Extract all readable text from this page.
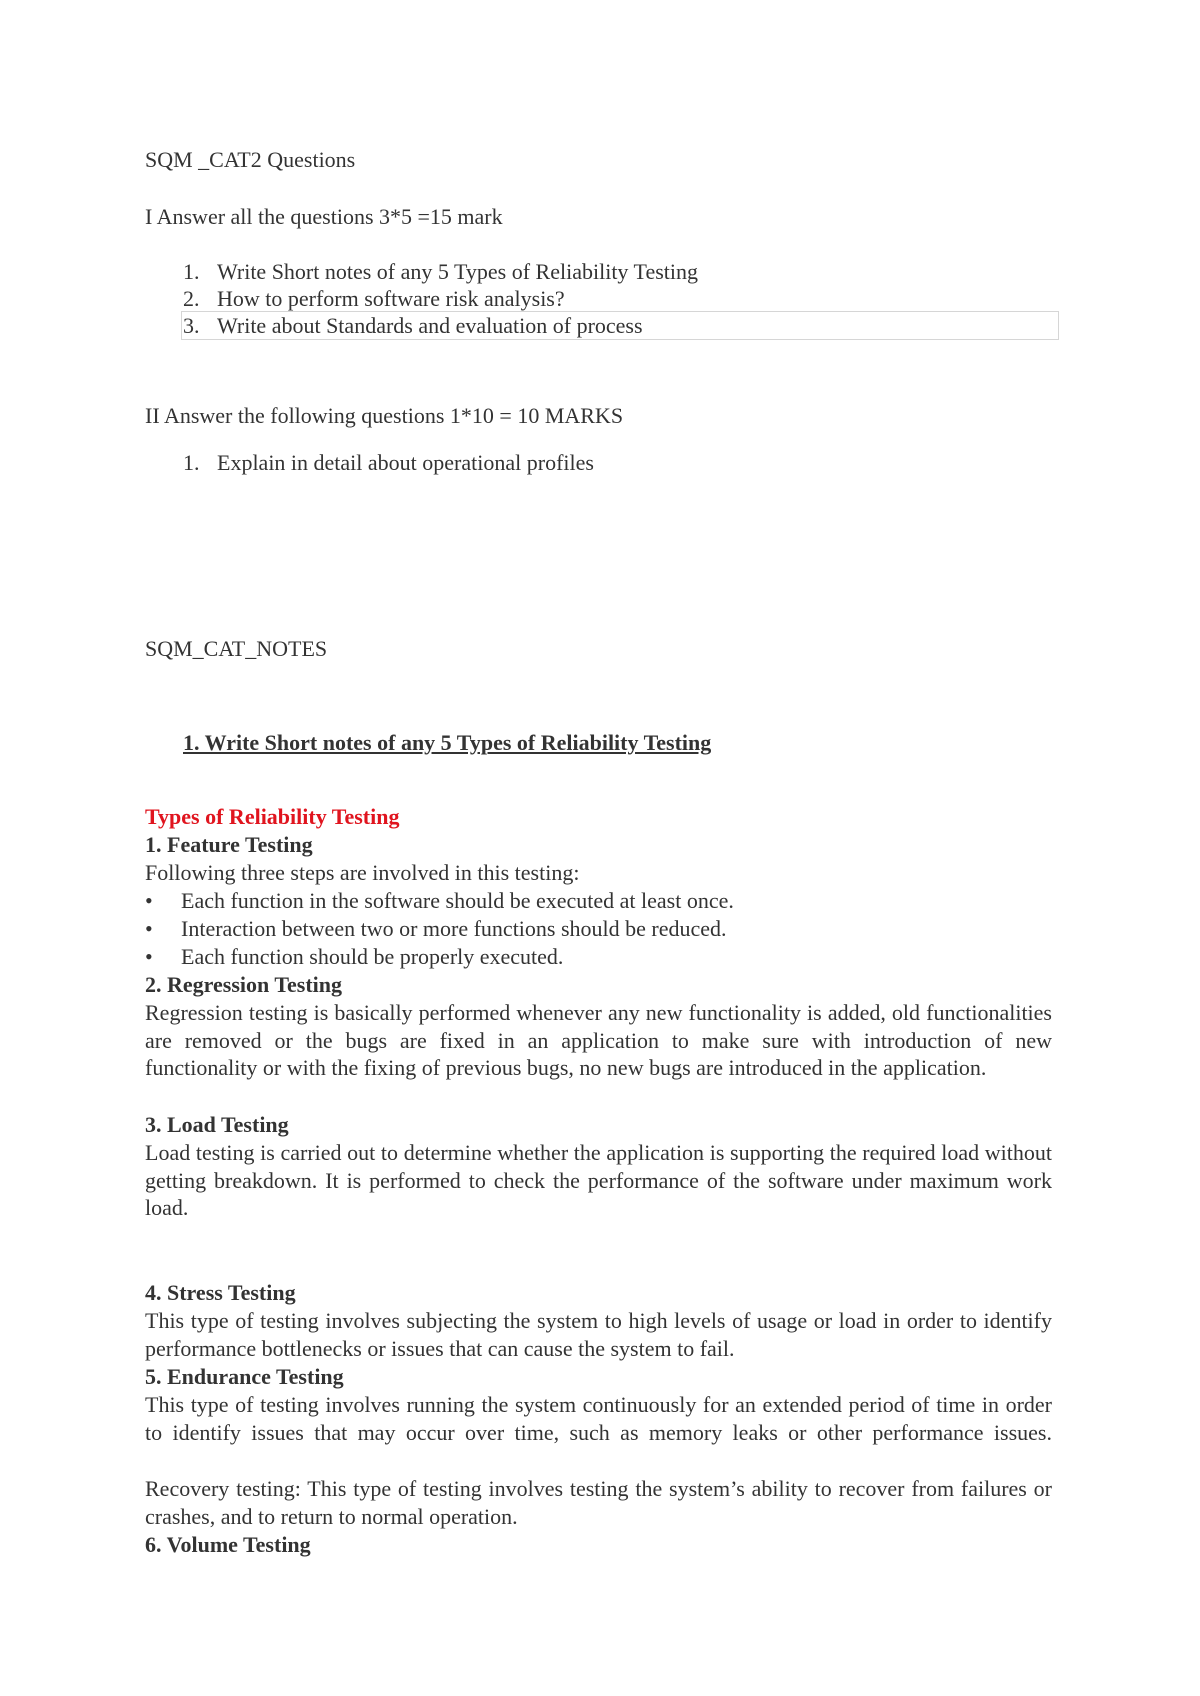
SQM _CAT2 Questions
I Answer all the questions 3*5 =15 mark
1. Write Short notes of any 5 Types of Reliability Testing
2. How to perform software risk analysis?
3. Write about Standards and evaluation of process
II Answer the following questions 1*10 = 10 MARKS
1. Explain in detail about operational profiles
SQM_CAT_NOTES
1. Write Short notes of any 5 Types of Reliability Testing
Types of Reliability Testing
1. Feature Testing
Following three steps are involved in this testing:
• Each function in the software should be executed at least once.
• Interaction between two or more functions should be reduced.
• Each function should be properly executed.
2. Regression Testing
Regression testing is basically performed whenever any new functionality is added, old functionalities are removed or the bugs are fixed in an application to make sure with introduction of new functionality or with the fixing of previous bugs, no new bugs are introduced in the application.
3. Load Testing
Load testing is carried out to determine whether the application is supporting the required load without getting breakdown. It is performed to check the performance of the software under maximum work load.
4. Stress Testing
This type of testing involves subjecting the system to high levels of usage or load in order to identify performance bottlenecks or issues that can cause the system to fail.
5. Endurance Testing
This type of testing involves running the system continuously for an extended period of time in order to identify issues that may occur over time, such as memory leaks or other performance issues.
Recovery testing: This type of testing involves testing the system’s ability to recover from failures or crashes, and to return to normal operation.
6. Volume Testing
